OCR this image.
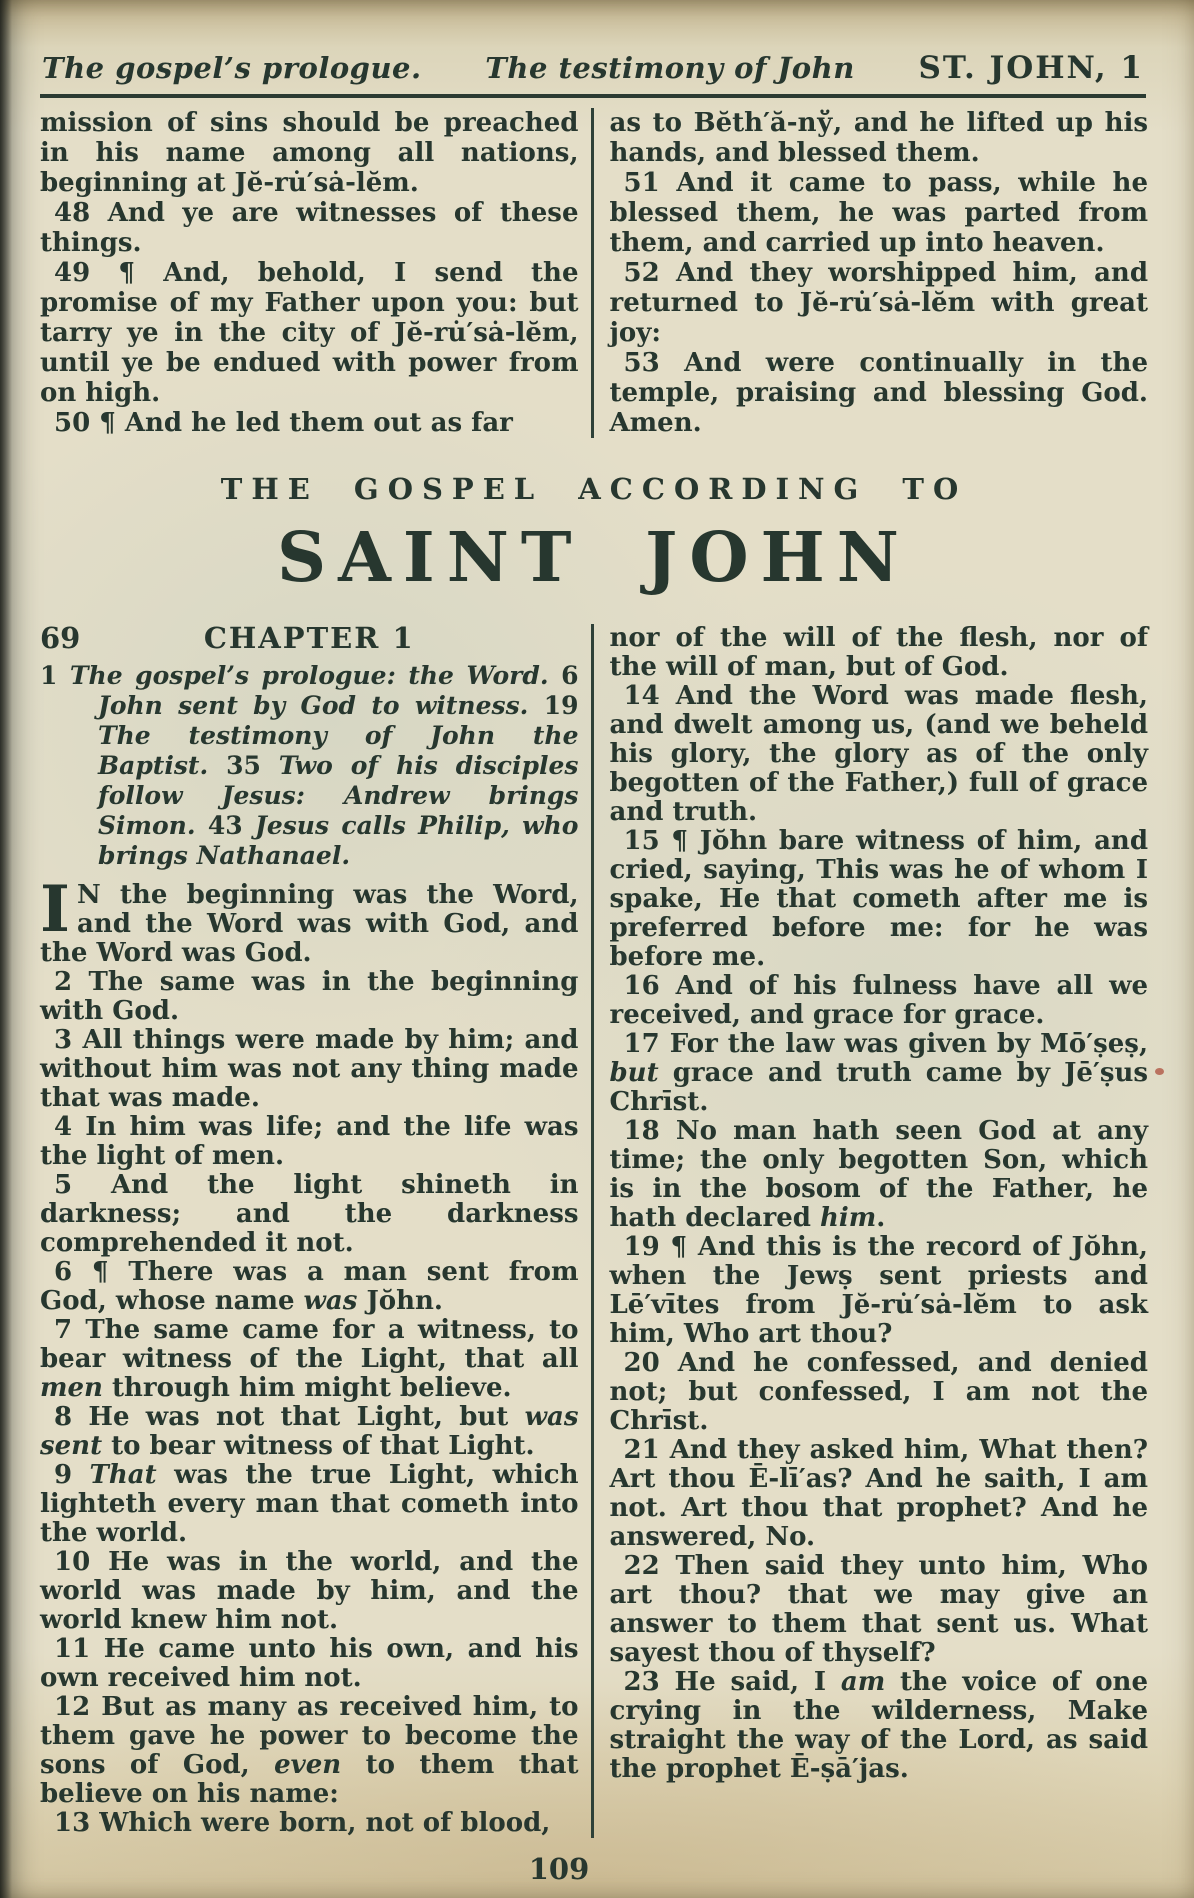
The gospel’s prologue. The testimony of John ST. JOHN, 1

mission of sins should be preached in his name among all nations, beginning at Jĕ-ru̇′sȧ-lĕm.

48 And ye are witnesses of these things.

49 ¶ And, behold, I send the promise of my Father upon you: but tarry ye in the city of Jĕ-ru̇′sȧ-lĕm, until ye be endued with power from on high.

50 ¶ And he led them out as far

as to Bĕth′ă-nў, and he lifted up his hands, and blessed them.

51 And it came to pass, while he blessed them, he was parted from them, and carried up into heaven.

52 And they worshipped him, and returned to Jĕ-ru̇′sȧ-lĕm with great joy:

53 And were continually in the temple, praising and blessing God. Amen.

THE GOSPEL ACCORDING TO
SAINT JOHN
69	CHAPTER 1

1 The gospel’s prologue: the Word. 6 John sent by God to witness. 19 The testimony of John the Baptist. 35 Two of his disciples follow Jesus: Andrew brings Simon. 43 Jesus calls Philip, who brings Nathanael.

I N the beginning was the Word, and the Word was with God, and the Word was God.

2 The same was in the beginning with God.

3 All things were made by him; and without him was not any thing made that was made.

4 In him was life; and the life was the light of men.

5 And the light shineth in darkness; and the darkness comprehended it not.

6 ¶ There was a man sent from God, whose name was Jŏhn.

7 The same came for a witness, to bear witness of the Light, that all men through him might believe.

8 He was not that Light, but was sent to bear witness of that Light.

9 That was the true Light, which lighteth every man that cometh into the world.

10 He was in the world, and the world was made by him, and the world knew him not.

11 He came unto his own, and his own received him not.

12 But as many as received him, to them gave he power to become the sons of God, even to them that believe on his name:

13 Which were born, not of blood,

nor of the will of the flesh, nor of the will of man, but of God.

14 And the Word was made flesh, and dwelt among us, (and we beheld his glory, the glory as of the only begotten of the Father,) full of grace and truth.

15 ¶ Jŏhn bare witness of him, and cried, saying, This was he of whom I spake, He that cometh after me is preferred before me: for he was before me.

16 And of his fulness have all we received, and grace for grace.

17 For the law was given by Mō′ṣeṣ, but grace and truth came by Jē′ṣus Chrīst.

18 No man hath seen God at any time; the only begotten Son, which is in the bosom of the Father, he hath declared him.

19 ¶ And this is the record of Jŏhn, when the Jewṣ sent priests and Lē′vītes from Jĕ-ru̇′sȧ-lĕm to ask him, Who art thou?

20 And he confessed, and denied not; but confessed, I am not the Chrīst.

21 And they asked him, What then? Art thou Ē-lī′as? And he saith, I am not. Art thou that prophet? And he answered, No.

22 Then said they unto him, Who art thou? that we may give an answer to them that sent us. What sayest thou of thyself?

23 He said, I am the voice of one crying in the wilderness, Make straight the way of the Lord, as said the prophet Ē-ṣā′jas.

109
